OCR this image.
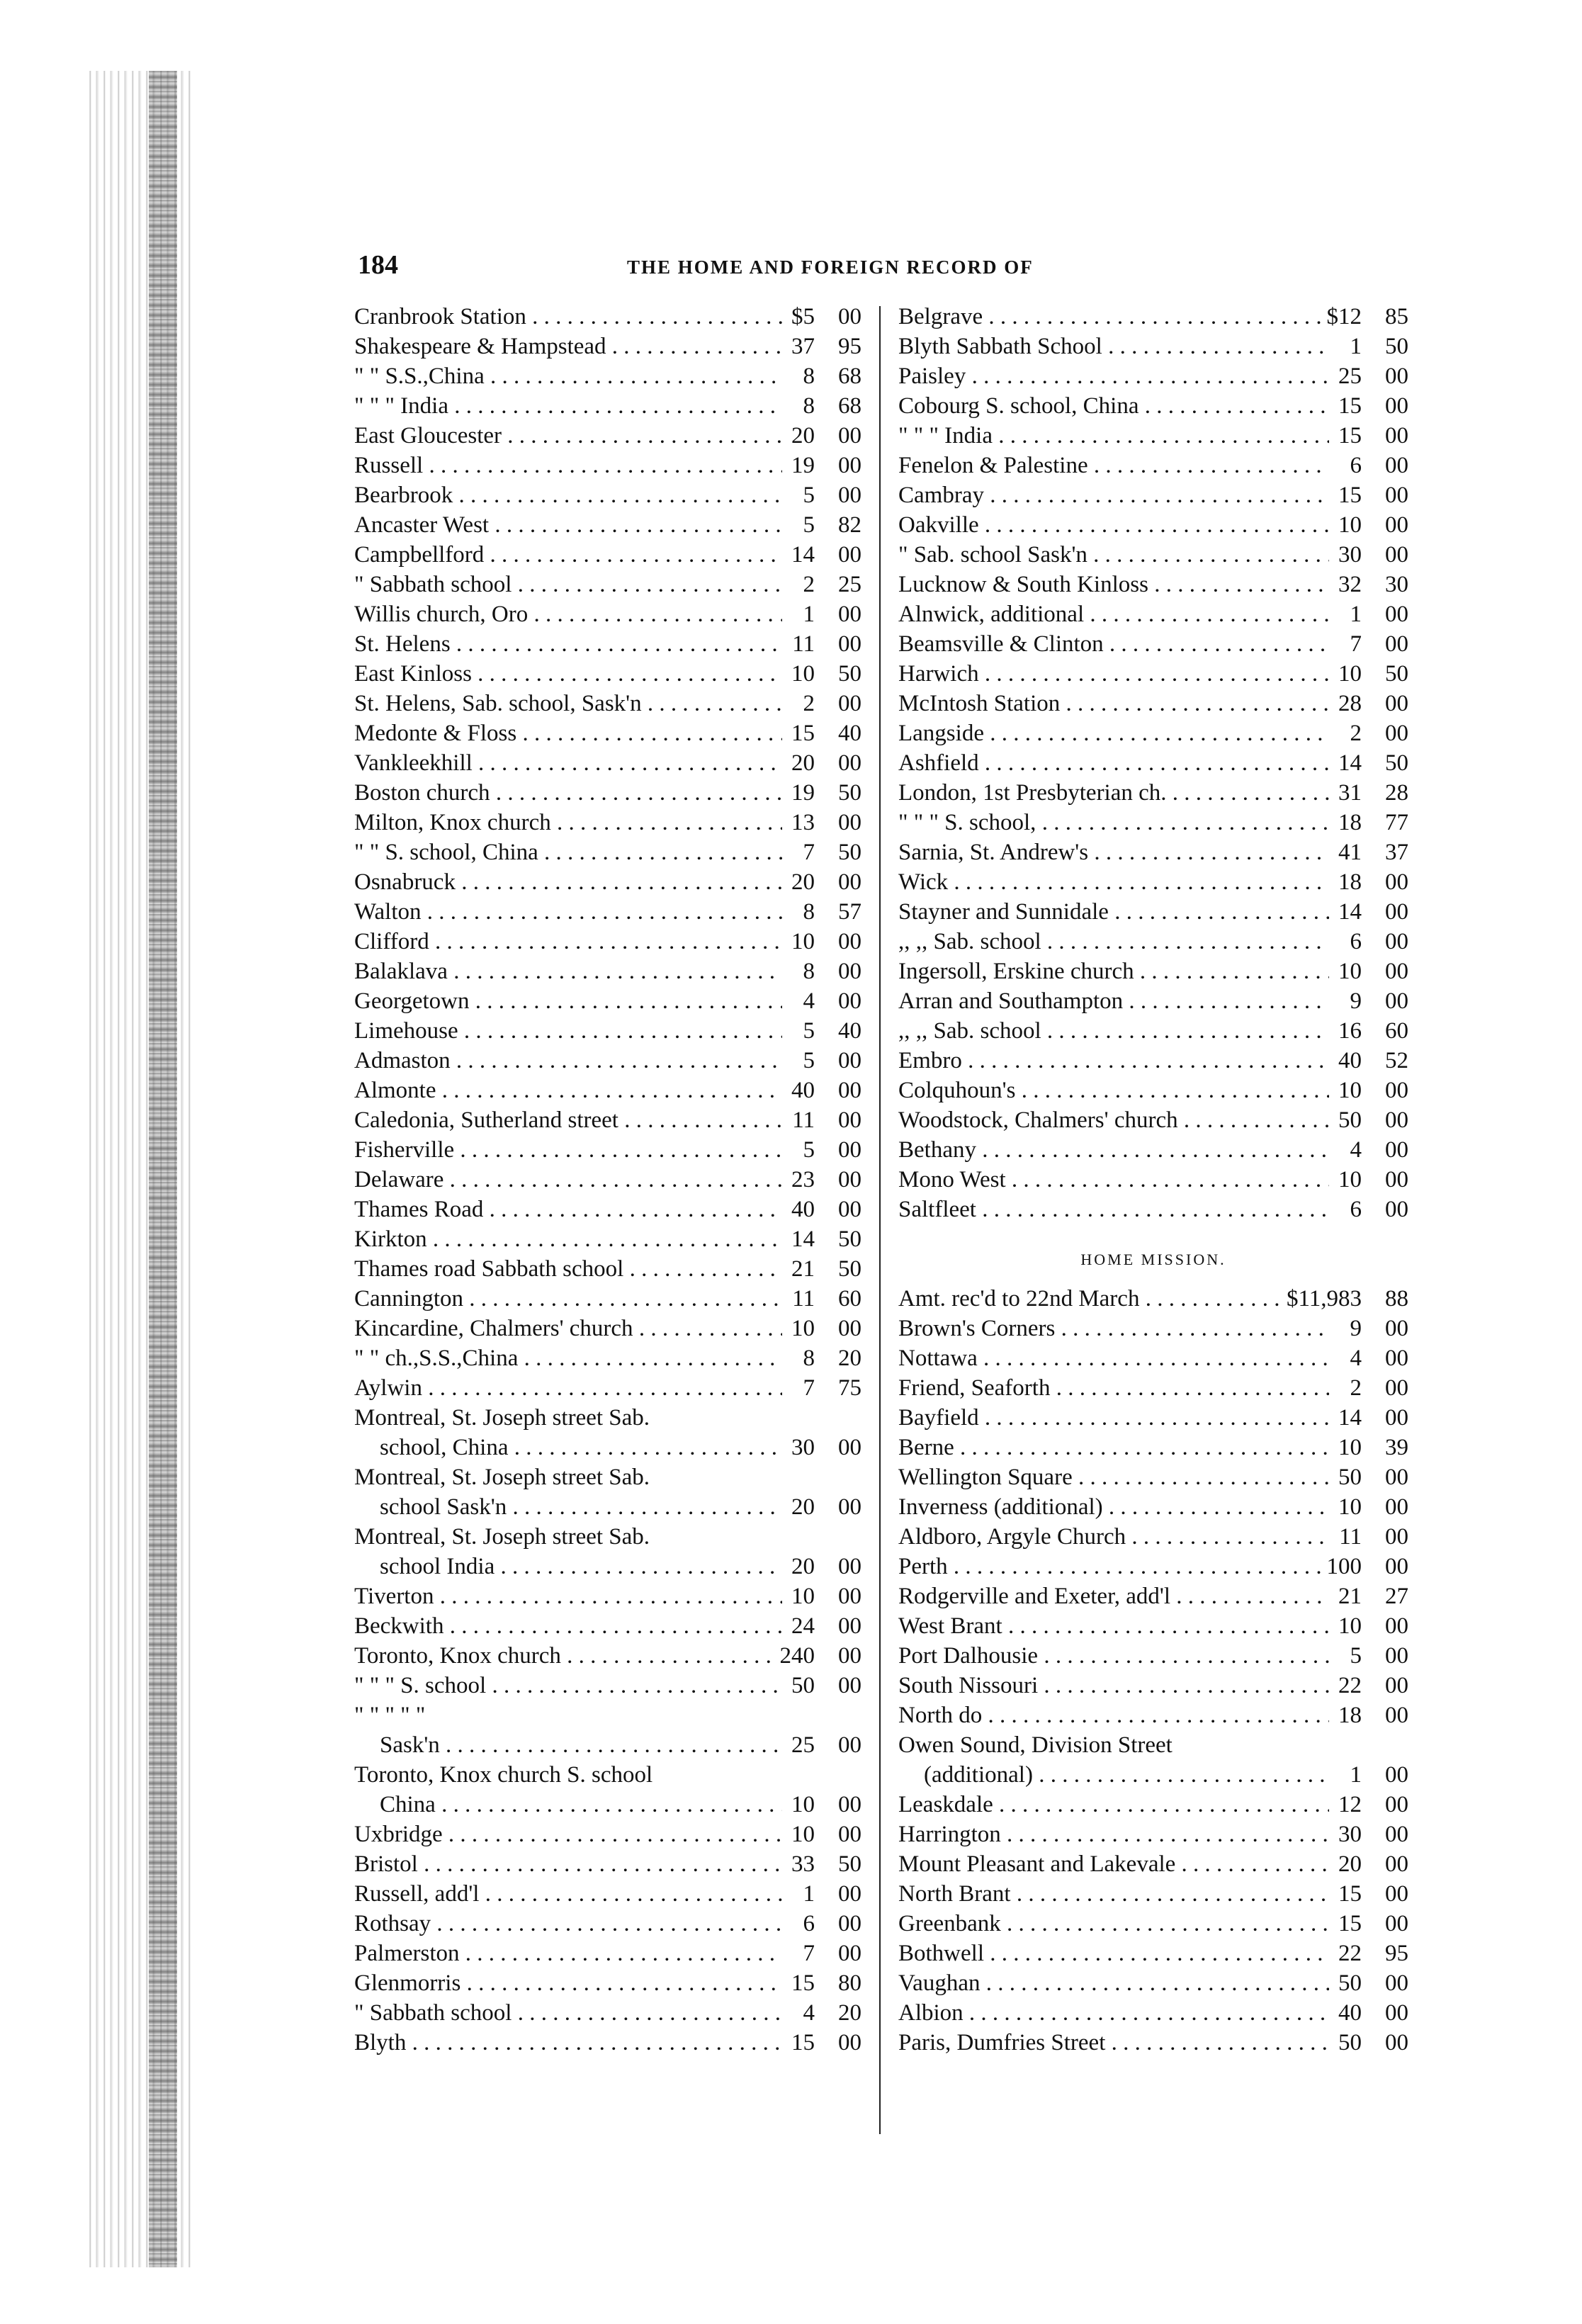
184	THE HOME AND FOREIGN RECORD OF
Cranbrook Station . . .	$5 00
Shakespeare & Hampstead . . .	37 95
" " S.S.,China . . .	8 68
" " " India . . .	8 68
East Gloucester . . .	20 00
Russell . . .	19 00
Bearbrook . . .	5 00
Ancaster West . . .	5 82
Campbellford . . .	14 00
" Sabbath school . . .	2 25
Willis church, Oro . . .	1 00
St. Helens . . .	11 00
East Kinloss . . .	10 50
St. Helens, Sab. school, Sask'n . . .	2 00
Medonte & Floss . . .	15 40
Vankleekhill . . .	20 00
Boston church . . .	19 50
Milton, Knox church . . .	13 00
" " S. school, China . . .	7 50
Osnabruck . . .	20 00
Walton . . .	8 57
Clifford . . .	10 00
Balaklava . . .	8 00
Georgetown . . .	4 00
Limehouse . . .	5 40
Admaston . . .	5 00
Almonte . . .	40 00
Caledonia, Sutherland street . . .	11 00
Fisherville . . .	5 00
Delaware . . .	23 00
Thames Road . . .	40 00
Kirkton . . .	14 50
Thames road Sabbath school . . .	21 50
Cannington . . .	11 60
Kincardine, Chalmers' church . . .	10 00
" " ch.,S.S.,China . . .	8 20
Aylwin . . .	7 75
Montreal, St. Joseph street Sab.
school, China . . .	30 00
Montreal, St. Joseph street Sab.
school Sask'n . . .	20 00
Montreal, St. Joseph street Sab.
school India . . .	20 00
Tiverton . . .	10 00
Beckwith . . .	24 00
Toronto, Knox church . . .	240 00
" " " S. school . . .	50 00
" " " " "
Sask'n . . .	25 00
Toronto, Knox church S. school
China . . .	10 00
Uxbridge . . .	10 00
Bristol . . .	33 50
Russell, add'l . . .	1 00
Rothsay . . .	6 00
Palmerston . . .	7 00
Glenmorris . . .	15 80
" Sabbath school . . .	4 20
Blyth . . .	15 00
Belgrave . . .	$12 85
Blyth Sabbath School . . .	1 50
Paisley . . .	25 00
Cobourg S. school, China . . .	15 00
" " " India . . .	15 00
Fenelon & Palestine . . .	6 00
Cambray . . .	15 00
Oakville . . .	10 00
" Sab. school Sask'n . . .	30 00
Lucknow & South Kinloss . . .	32 30
Alnwick, additional . . .	1 00
Beamsville & Clinton . . .	7 00
Harwich . . .	10 50
McIntosh Station . . .	28 00
Langside . . .	2 00
Ashfield . . .	14 50
London, 1st Presbyterian ch. . . .	31 28
" " " S. school, . . .	18 77
Sarnia, St. Andrew's . . .	41 37
Wick . . .	18 00
Stayner and Sunnidale . . .	14 00
,, ,, Sab. school . . .	6 00
Ingersoll, Erskine church . . .	10 00
Arran and Southampton . . .	9 00
,, ,, Sab. school . . .	16 60
Embro . . .	40 52
Colquhoun's . . .	10 00
Woodstock, Chalmers' church . . .	50 00
Bethany . . .	4 00
Mono West . . .	10 00
Saltfleet . . .	6 00
HOME MISSION.
Amt. rec'd to 22nd March . . .	$11,983 88
Brown's Corners . . .	9 00
Nottawa . . .	4 00
Friend, Seaforth . . .	2 00
Bayfield . . .	14 00
Berne . . .	10 39
Wellington Square . . .	50 00
Inverness (additional) . . .	10 00
Aldboro, Argyle Church . . .	11 00
Perth . . .	100 00
Rodgerville and Exeter, add'l . . .	21 27
West Brant . . .	10 00
Port Dalhousie . . .	5 00
South Nissouri . . .	22 00
North do . . .	18 00
Owen Sound, Division Street
(additional) . . .	1 00
Leaskdale . . .	12 00
Harrington . . .	30 00
Mount Pleasant and Lakevale . . .	20 00
North Brant . . .	15 00
Greenbank . . .	15 00
Bothwell . . .	22 95
Vaughan . . .	50 00
Albion . . .	40 00
Paris, Dumfries Street . . .	50 00
